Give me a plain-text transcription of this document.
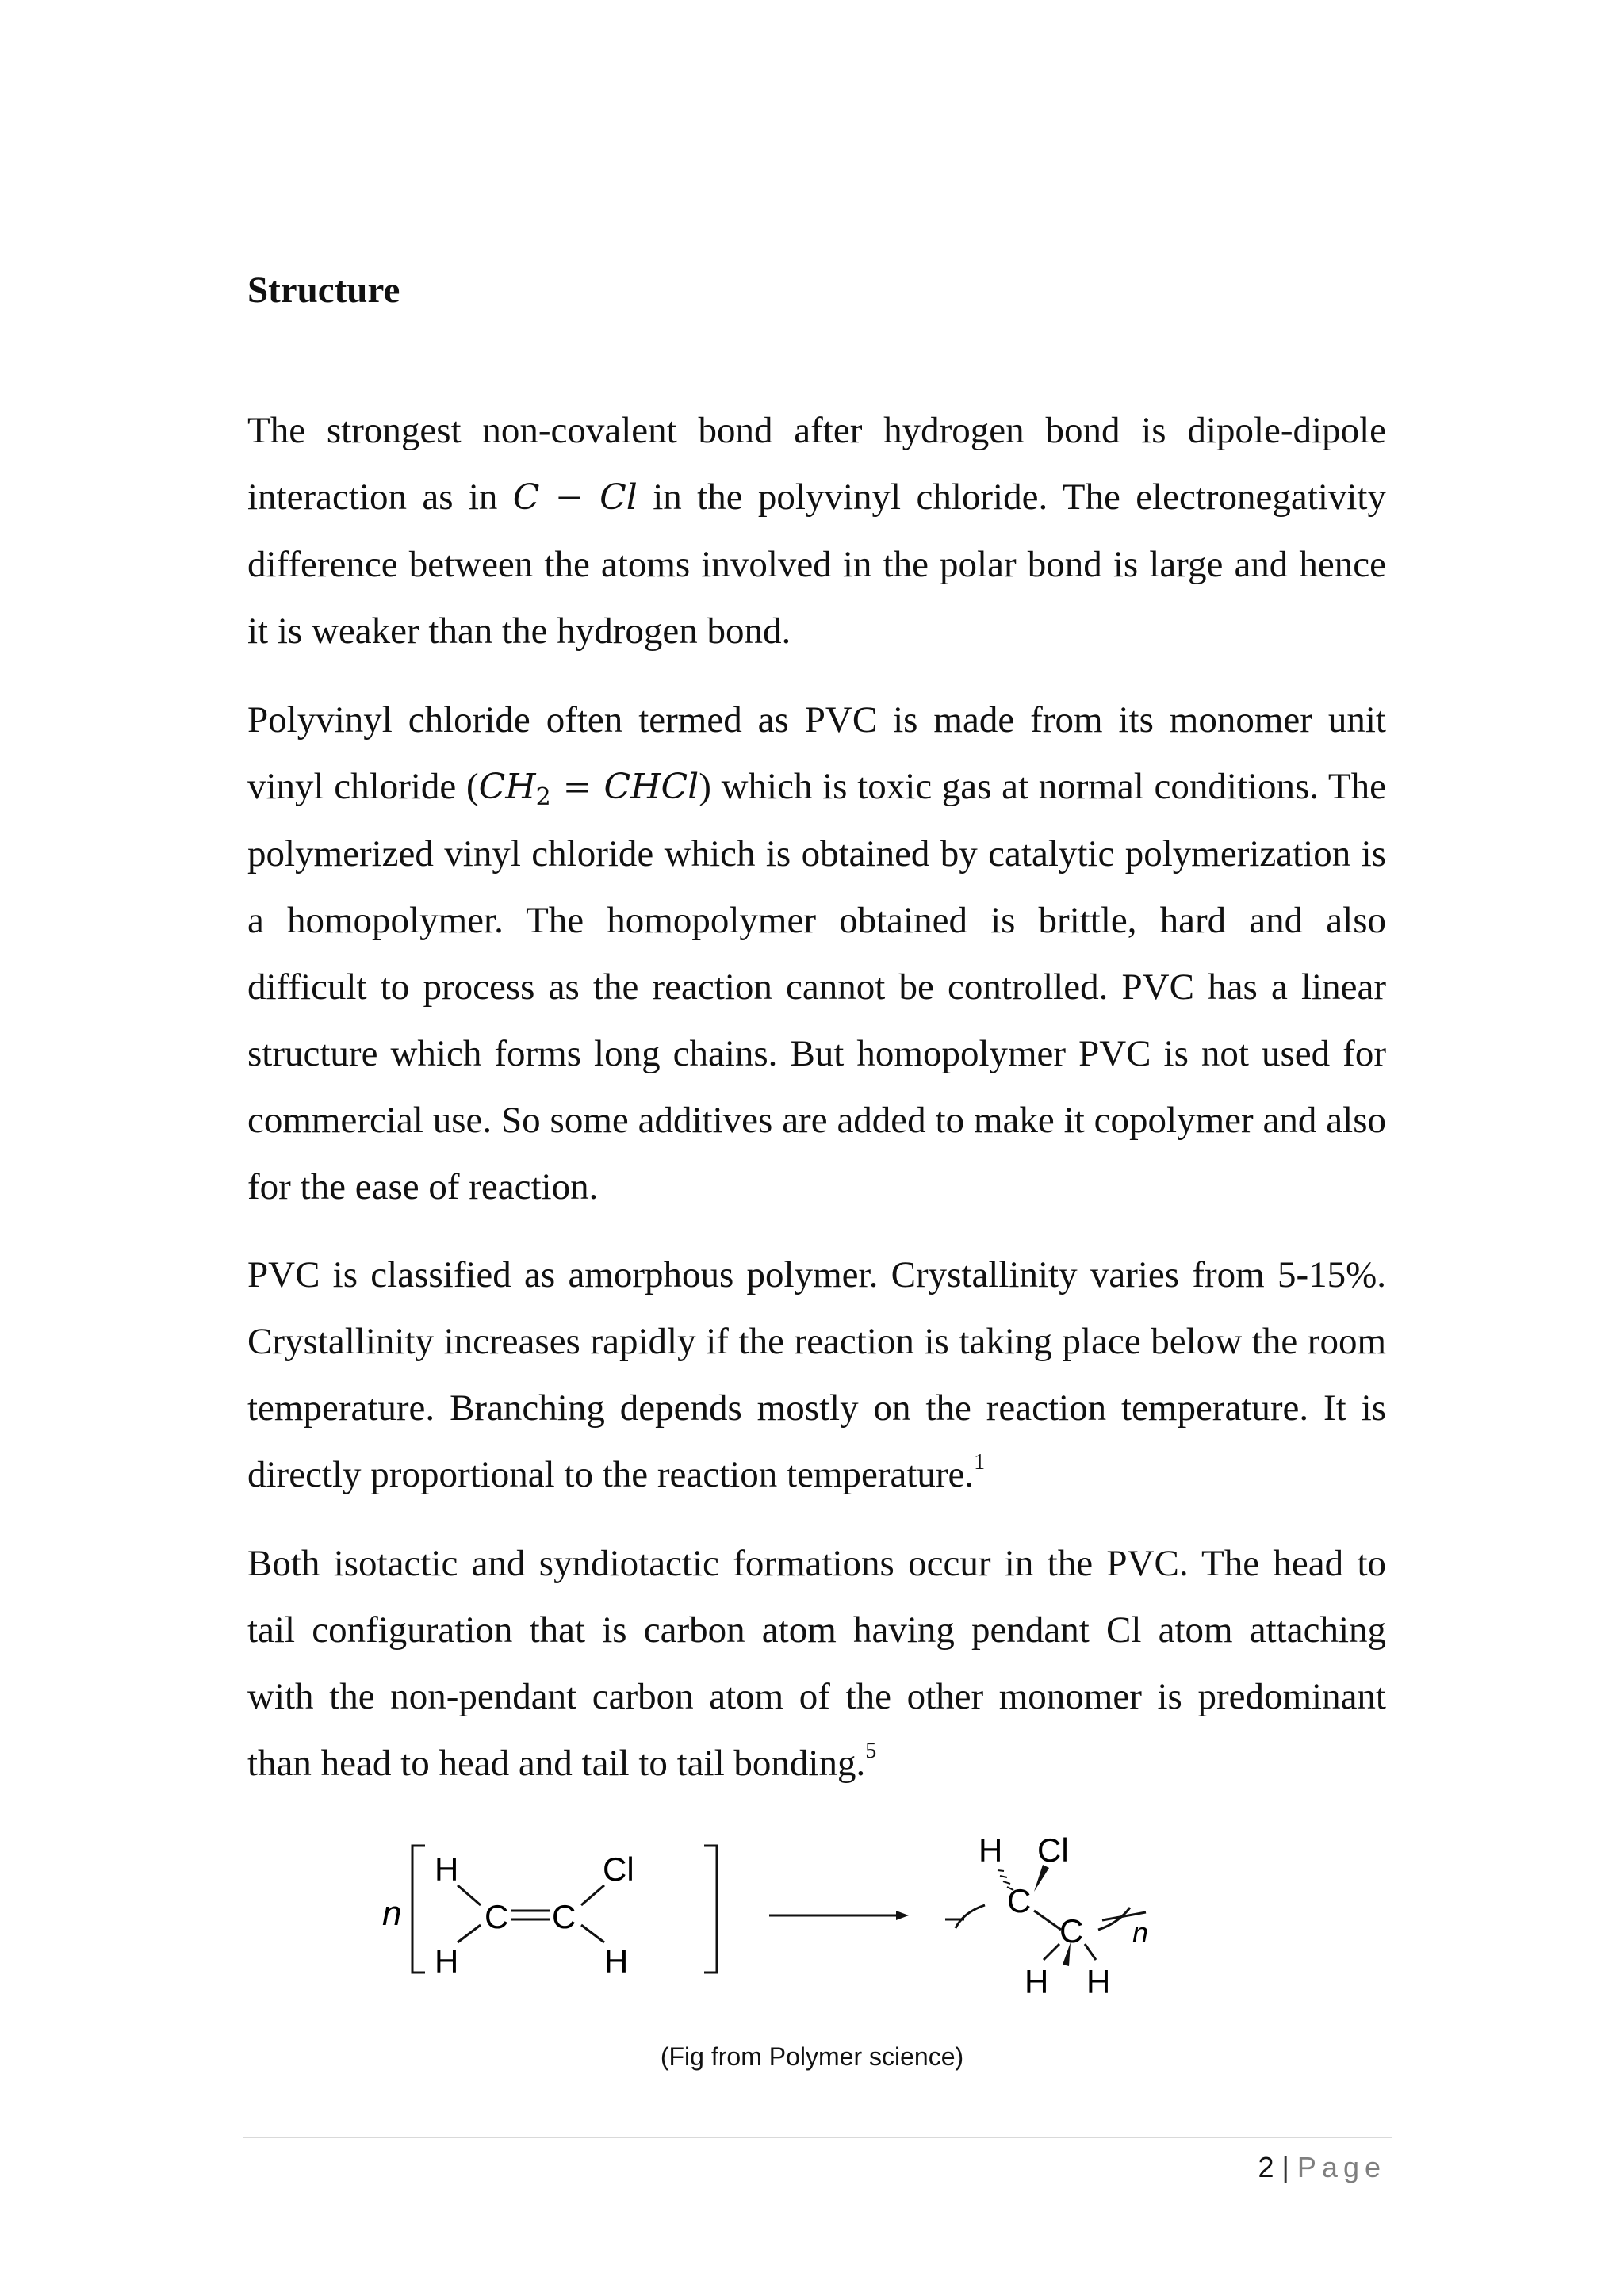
Structure

The strongest non-covalent bond after hydrogen bond is dipole-dipole interaction as in C − Cl in the polyvinyl chloride. The electronegativity difference between the atoms involved in the polar bond is large and hence it is weaker than the hydrogen bond.

Polyvinyl chloride often termed as PVC is made from its monomer unit vinyl chloride ($CH_2$ = CHCl) which is toxic gas at normal conditions. The polymerized vinyl chloride which is obtained by catalytic polymerization is a homopolymer. The homopolymer obtained is brittle, hard and also difficult to process as the reaction cannot be controlled. PVC has a linear structure which forms long chains. But homopolymer PVC is not used for commercial use. So some additives are added to make it copolymer and also for the ease of reaction.

PVC is classified as amorphous polymer. Crystallinity varies from 5-15%. Crystallinity increases rapidly if the reaction is taking place below the room temperature. Branching depends mostly on the reaction temperature. It is directly proportional to the reaction temperature.$^1$

Both isotactic and syndiotactic formations occur in the PVC. The head to tail configuration that is carbon atom having pendant Cl atom attaching with the non-pendant carbon atom of the other monomer is predominant than head to head and tail to tail bonding.$^5$

n
H	Cl
C C
H	H
H Cl
C
C
H H
n
(Fig from Polymer science)
2 | Page
